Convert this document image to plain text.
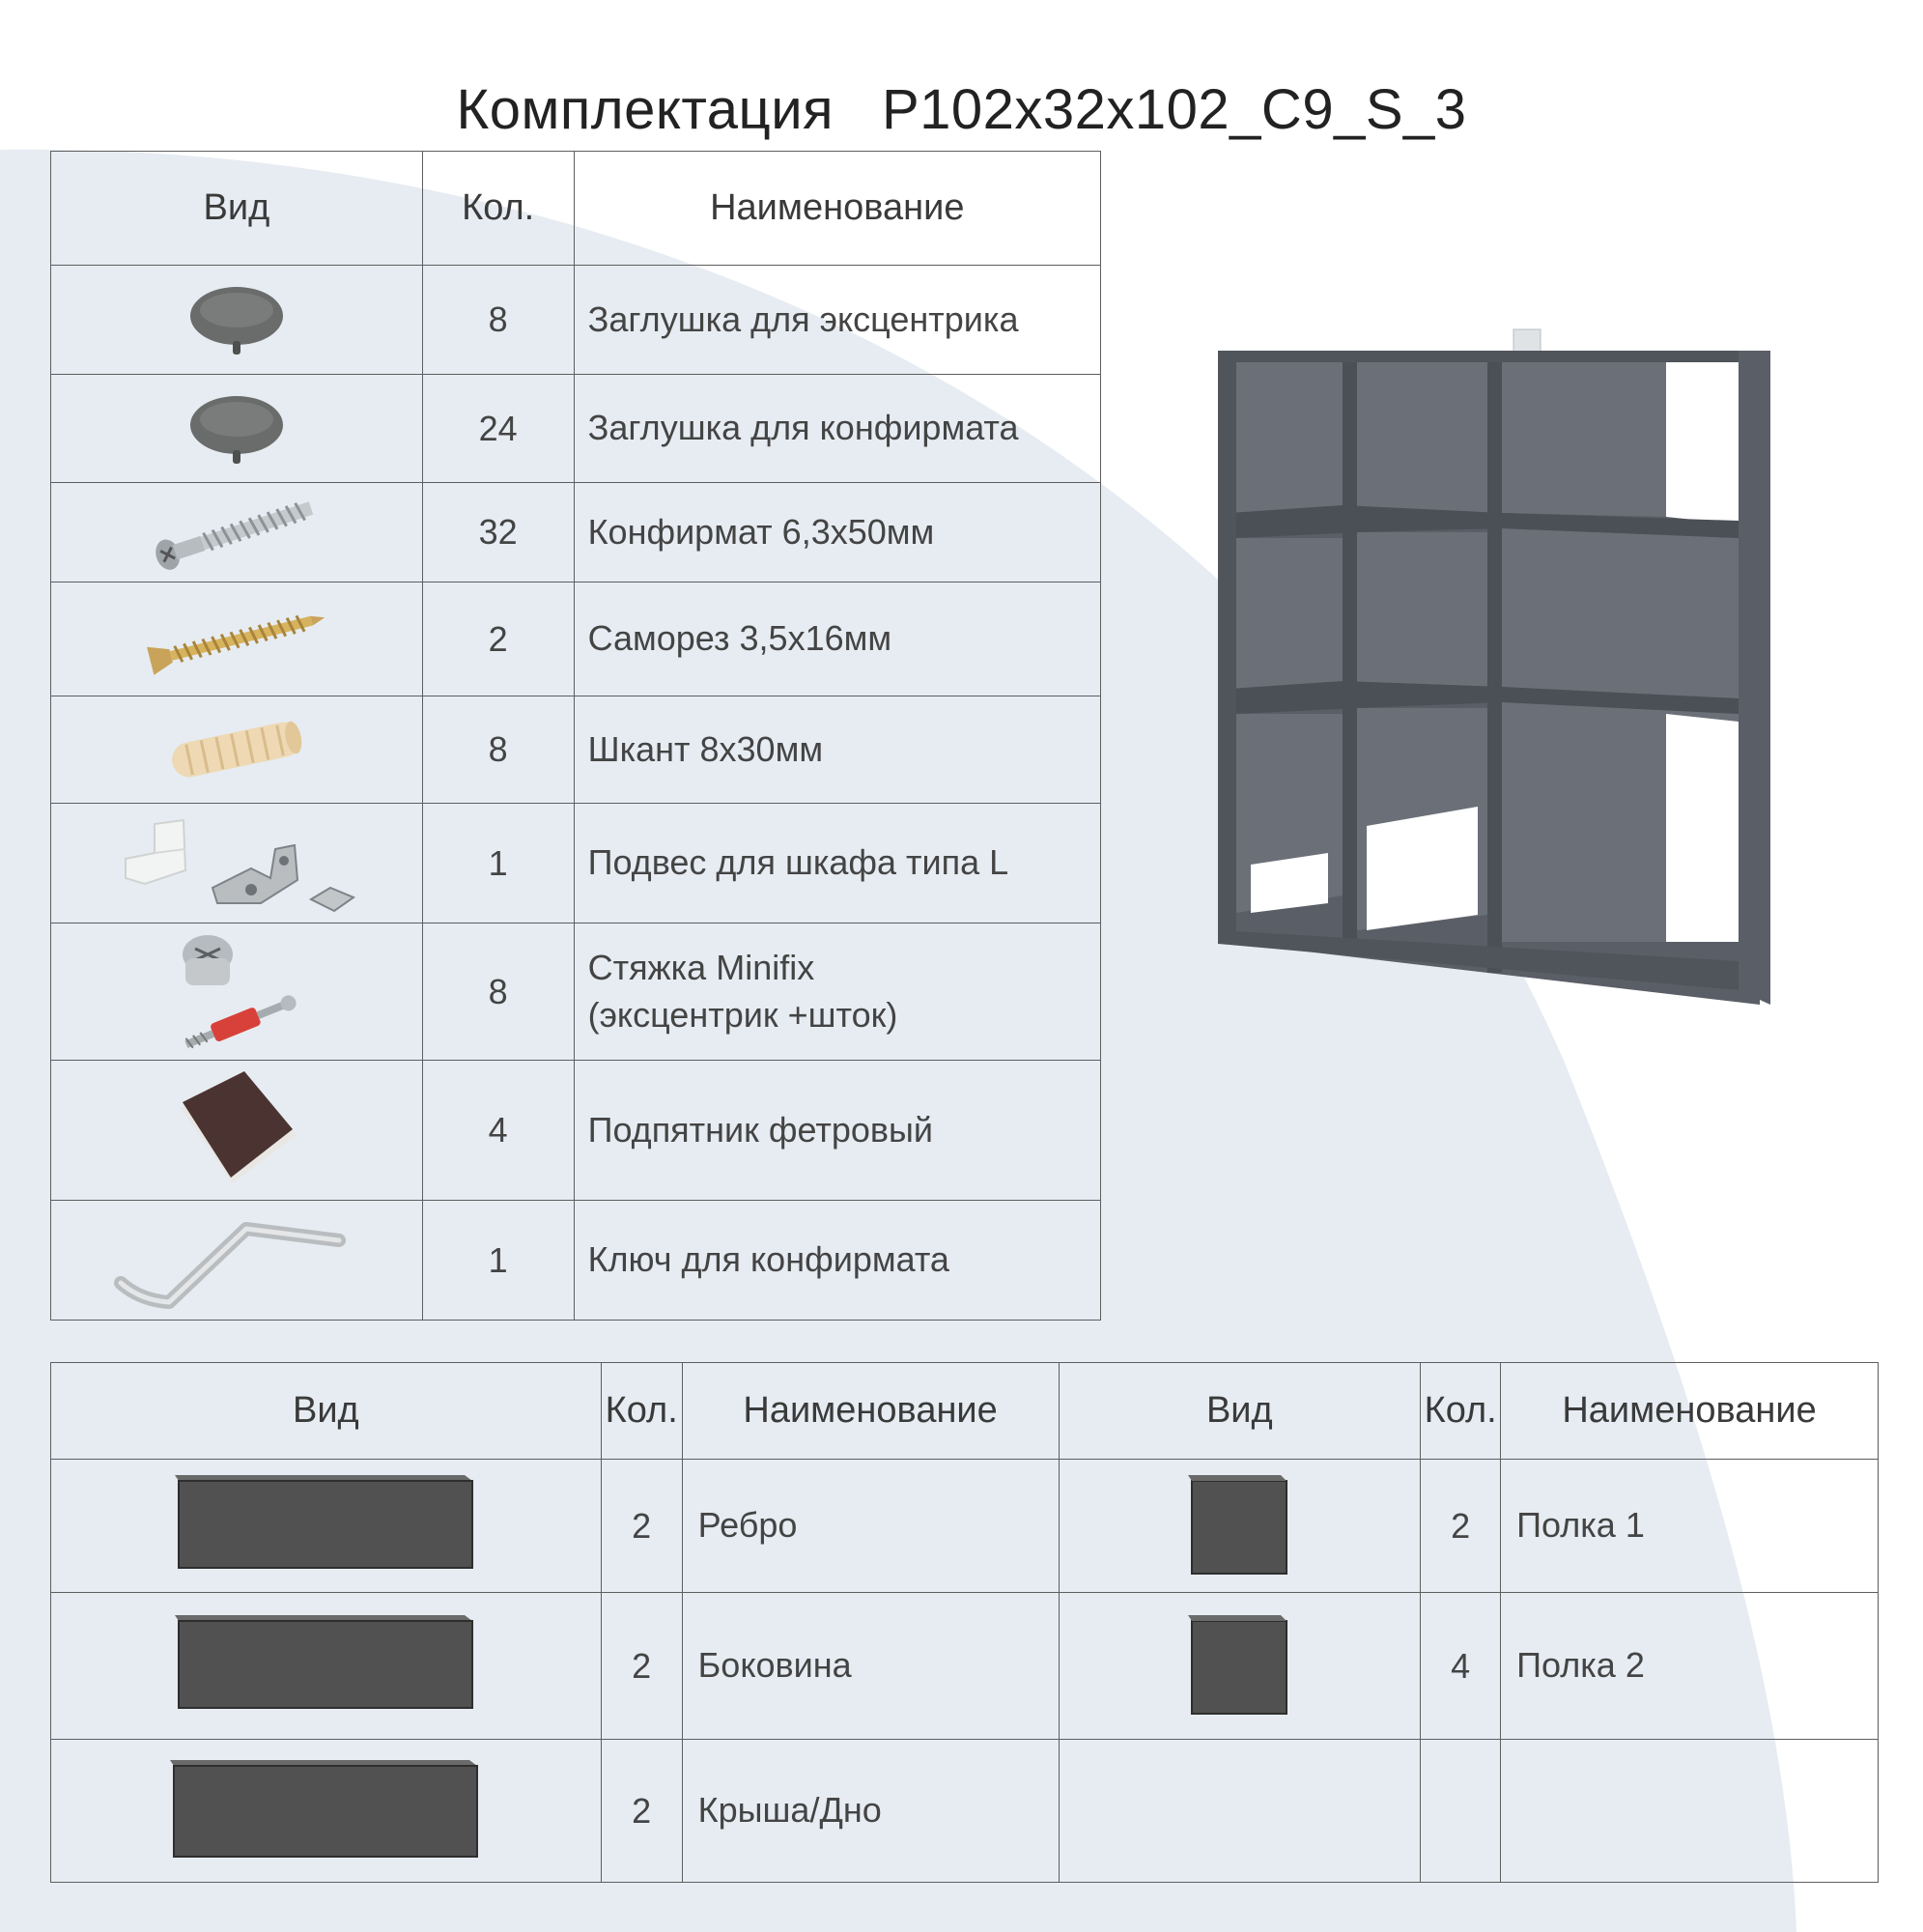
Комплектация P102x32x102_C9_S_3
Вид	Кол.	Наименование

	8	Заглушка для эксцентрика

	24	Заглушка для конфирмата

	32	Конфирмат 6,3х50мм

	2	Саморез 3,5х16мм

	8	Шкант 8х30мм

	1	Подвес для шкафа типа L

	8	Стяжка Minifix
(эксцентрик +шток)

	4	Подпятник фетровый

	1	Ключ для конфирмата
Вид	Кол.	Наименование	Вид	Кол.	Наименование

	2	Ребро		2	Полка 1

	2	Боковина		4	Полка 2

	2	Крыша/Дно			
